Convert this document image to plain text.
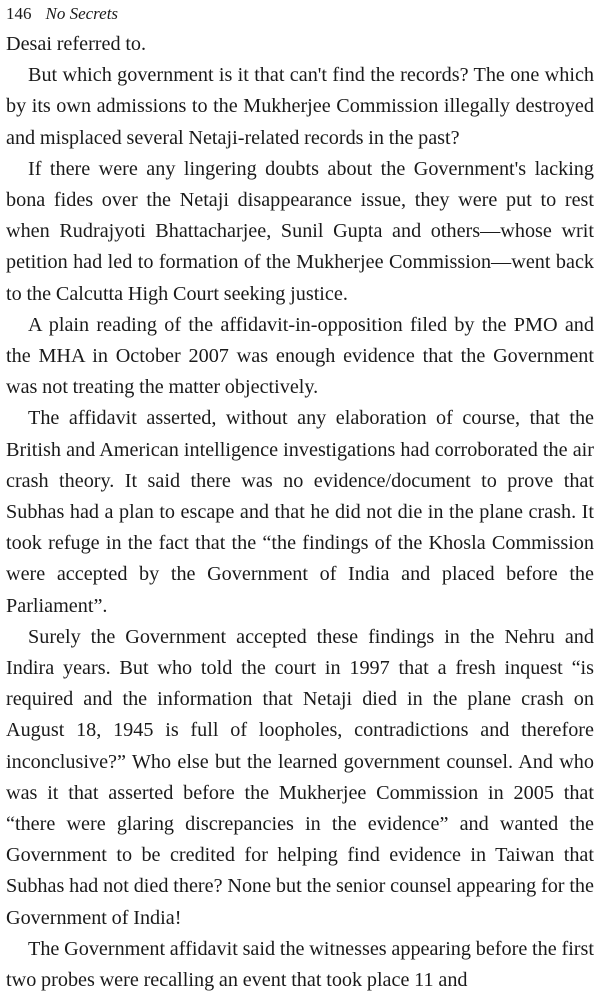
146 No Secrets

Desai referred to.

But which government is it that can't find the records? The one which by its own admissions to the Mukherjee Commission illegally destroyed and misplaced several Netaji-related records in the past?

If there were any lingering doubts about the Government's lacking bona fides over the Netaji disappearance issue, they were put to rest when Rudrajyoti Bhattacharjee, Sunil Gupta and others—whose writ petition had led to formation of the Mukherjee Commission—went back to the Calcutta High Court seeking justice.

A plain reading of the affidavit-in-opposition filed by the PMO and the MHA in October 2007 was enough evidence that the Government was not treating the matter objectively.

The affidavit asserted, without any elaboration of course, that the British and American intelligence investigations had corroborated the air crash theory. It said there was no evidence/document to prove that Subhas had a plan to escape and that he did not die in the plane crash. It took refuge in the fact that the “the findings of the Khosla Commission were accepted by the Government of India and placed before the Parliament”.

Surely the Government accepted these findings in the Nehru and Indira years. But who told the court in 1997 that a fresh inquest “is required and the information that Netaji died in the plane crash on August 18, 1945 is full of loopholes, contradictions and therefore inconclusive?” Who else but the learned government counsel. And who was it that asserted before the Mukherjee Commission in 2005 that “there were glaring discrepancies in the evidence” and wanted the Government to be credited for helping find evidence in Taiwan that Subhas had not died there? None but the senior counsel appearing for the Government of India!

The Government affidavit said the witnesses appearing before the first two probes were recalling an event that took place 11 and
